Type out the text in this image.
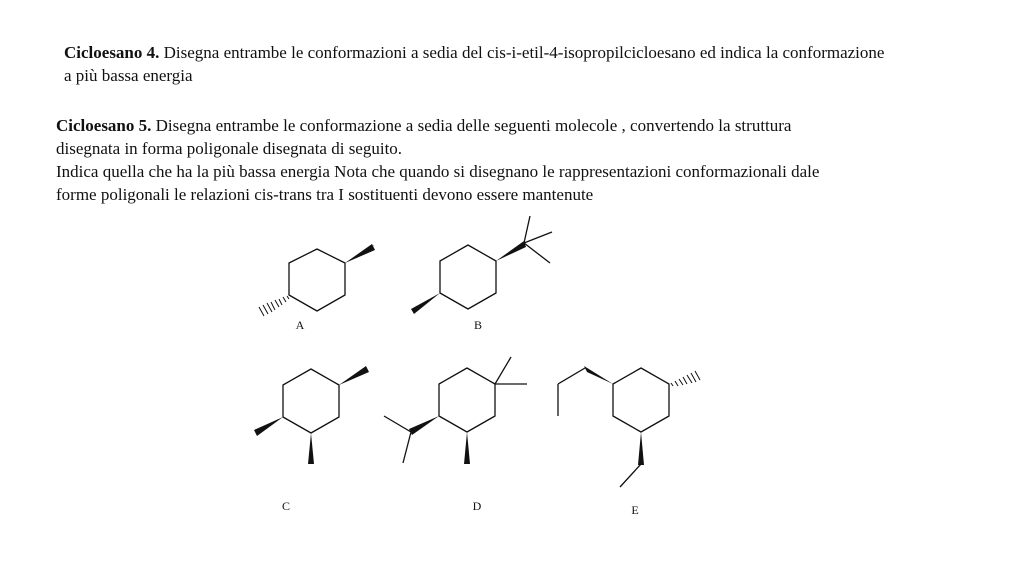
Cicloesano 4. Disegna entrambe le conformazioni a sedia del cis-i-etil-4-isopropilcicloesano ed indica la conformazione
a più bassa energia
Cicloesano 5. Disegna entrambe le conformazione a sedia delle seguenti molecole , convertendo la struttura
disegnata in forma poligonale disegnata di seguito.
Indica quella che ha la più bassa energia Nota che quando si disegnano le rappresentazioni conformazionali dale
forme poligonali le relazioni cis-trans tra I sostituenti devono essere mantenute
A	B
C	D	E
